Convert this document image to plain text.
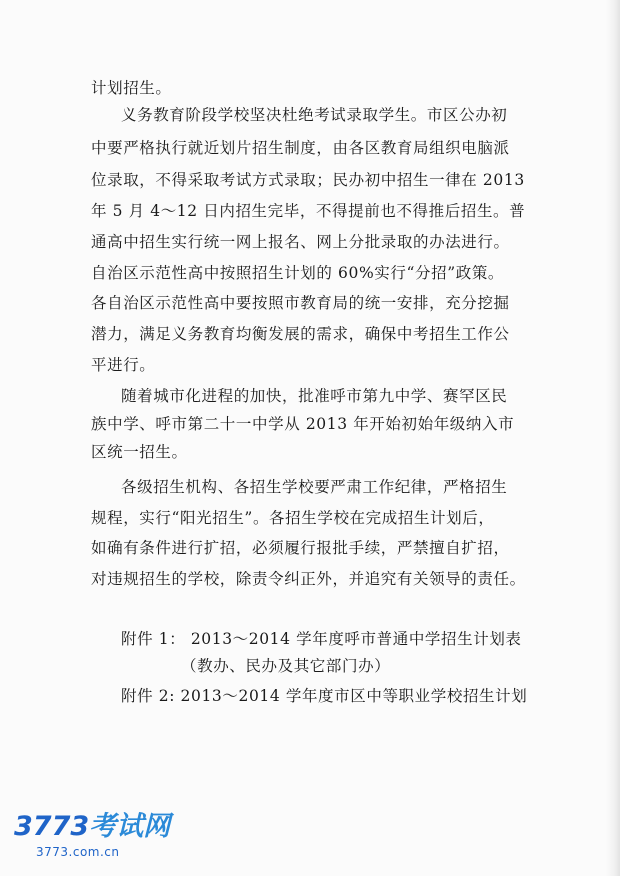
计划招生。
义务教育阶段学校坚决杜绝考试录取学生。市区公办初
中要严格执行就近划片招生制度，由各区教育局组织电脑派
位录取，不得采取考试方式录取；民办初中招生一律在 2013
年 5 月 4～12 日内招生完毕，不得提前也不得推后招生。普
通高中招生实行统一网上报名、网上分批录取的办法进行。
自治区示范性高中按照招生计划的 60%实行“分招”政策。
各自治区示范性高中要按照市教育局的统一安排，充分挖掘
潜力，满足义务教育均衡发展的需求，确保中考招生工作公
平进行。
随着城市化进程的加快，批准呼市第九中学、赛罕区民
族中学、呼市第二十一中学从 2013 年开始初始年级纳入市
区统一招生。
各级招生机构、各招生学校要严肃工作纪律，严格招生
规程，实行“阳光招生”。各招生学校在完成招生计划后，
如确有条件进行扩招，必须履行报批手续，严禁擅自扩招，
对违规招生的学校，除责令纠正外，并追究有关领导的责任。
附件 1： 2013～2014 学年度呼市普通中学招生计划表
（教办、民办及其它部门办）
附件 2: 2013～2014 学年度市区中等职业学校招生计划
3773考试网
3773.com.cn
